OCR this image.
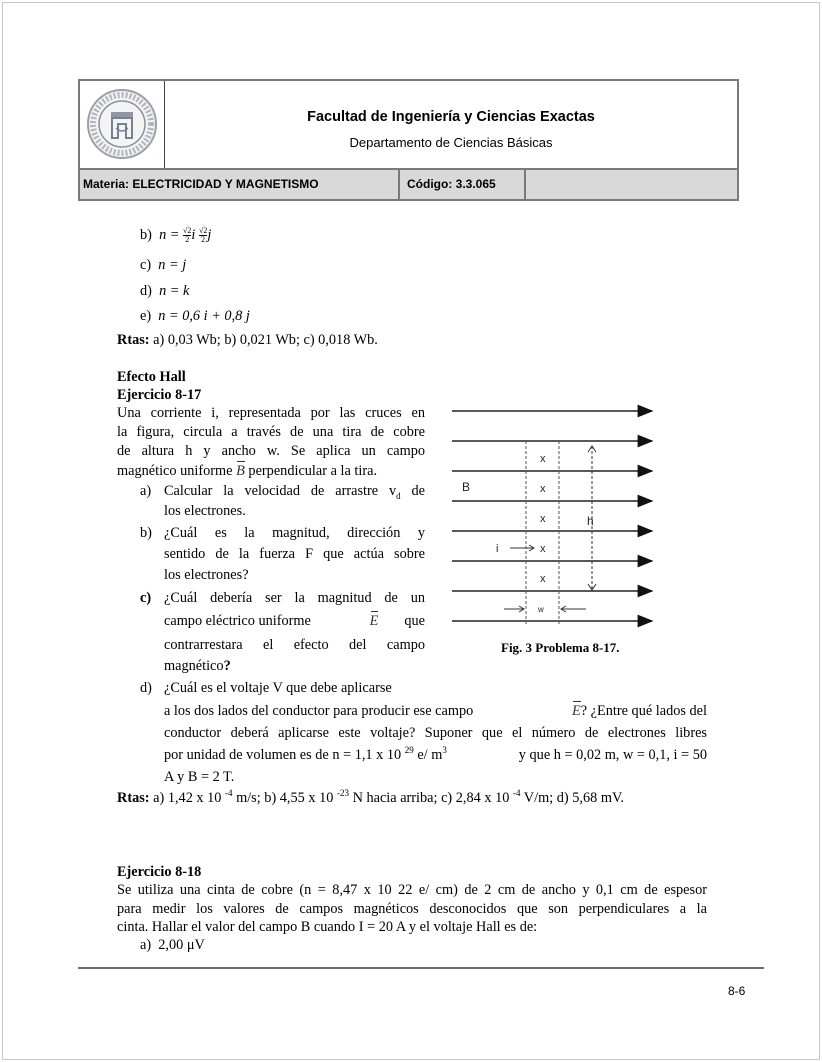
Facultad de Ingeniería y Ciencias Exactas
Departamento de Ciencias Básicas
Materia: ELECTRICIDAD Y MAGNETISMO	Código: 3.3.065
b) $n = \frac{√2}{2}$ i $\frac{√2}{2}$ j
c) n = j
d) n = k
e) n = 0,6 i + 0,8 j
Rtas: a) 0,03 Wb; b) 0,021 Wb; c) 0,018 Wb.
Efecto Hall
Ejercicio 8-17
Una corriente i, representada por las cruces en
la figura, circula a través de una tira de cobre
de altura h y ancho w. Se aplica un campo
magnético uniforme B perpendicular a la tira.
a) Calcular la velocidad de arrastre $v_d$ de
los electrones.
b) ¿Cuál es la magnitud, dirección y
sentido de la fuerza F que actúa sobre
los electrones?
c) ¿Cuál debería ser la magnitud de un
campo eléctrico uniforme	E que
contrarrestara el efecto del campo
magnético?
d) ¿Cuál es el voltaje V que debe aplicarse
a los dos lados del conductor para producir ese campo	E? ¿Entre qué lados del
conductor deberá aplicarse este voltaje? Suponer que el número de electrones libres
por unidad de volumen es de n = 1,1 x 10 $^{29}$ e/ $m^3$	y que h = 0,02 m, w = 0,1, i = 50
A y B = 2 T.
Rtas: a) 1,42 x 10 $^{-4}$ m/s; b) 4,55 x 10 $^{-23}$ N hacia arriba; c) 2,84 x 10 $^{-4}$ V/m; d) 5,68 mV.
x
x
x
x
x
B
i
h
w
Fig. 3 Problema 8-17.
Ejercicio 8-18
Se utiliza una cinta de cobre (n = 8,47 x 10 22 e/ cm) de 2 cm de ancho y 0,1 cm de espesor
para medir los valores de campos magnéticos desconocidos que son perpendiculares a la
cinta. Hallar el valor del campo B cuando I = 20 A y el voltaje Hall es de:
a) 2,00 μV
8-6
